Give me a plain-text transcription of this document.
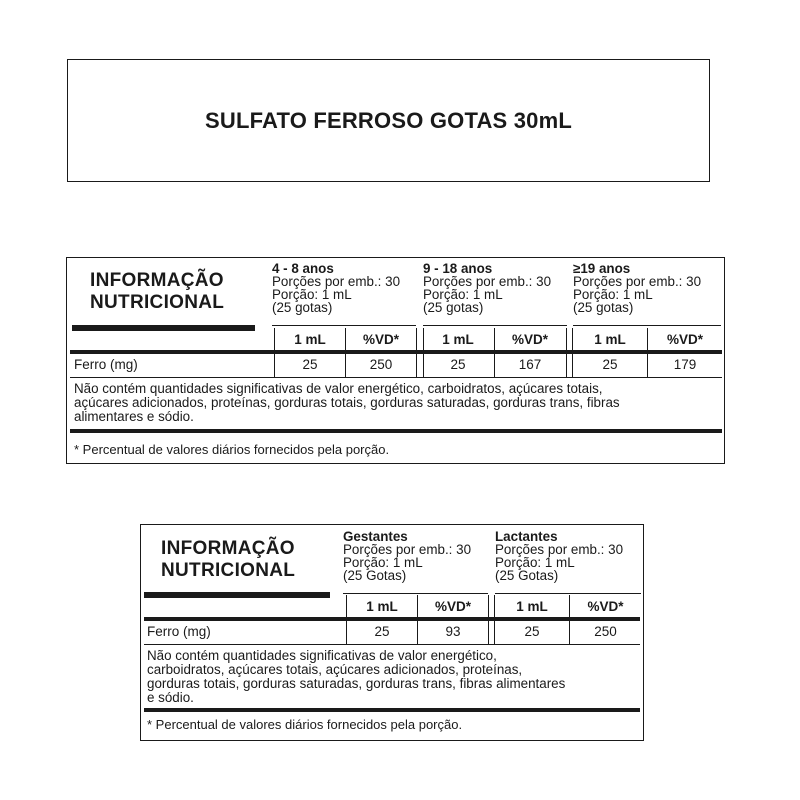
SULFATO FERROSO GOTAS 30mL
INFORMAÇÃO
NUTRICIONAL
4 - 8 anos
Porções por emb.: 30
Porção: 1 mL
(25 gotas)
9 - 18 anos
Porções por emb.: 30
Porção: 1 mL
(25 gotas)
≥19 anos
Porções por emb.: 30
Porção: 1 mL
(25 gotas)
1 mL	%VD*	1 mL	%VD*	1 mL	%VD*
Ferro (mg)	25	250	25	167	25	179
Não contém quantidades significativas de valor energético, carboidratos, açúcares totais,
açúcares adicionados, proteínas, gorduras totais, gorduras saturadas, gorduras trans, fibras
alimentares e sódio.
* Percentual de valores diários fornecidos pela porção.
INFORMAÇÃO
NUTRICIONAL
Gestantes
Porções por emb.: 30
Porção: 1 mL
(25 Gotas)
Lactantes
Porções por emb.: 30
Porção: 1 mL
(25 Gotas)
1 mL	%VD*	1 mL	%VD*
Ferro (mg)	25	93	25	250
Não contém quantidades significativas de valor energético,
carboidratos, açúcares totais, açúcares adicionados, proteínas,
gorduras totais, gorduras saturadas, gorduras trans, fibras alimentares
e sódio.
* Percentual de valores diários fornecidos pela porção.
